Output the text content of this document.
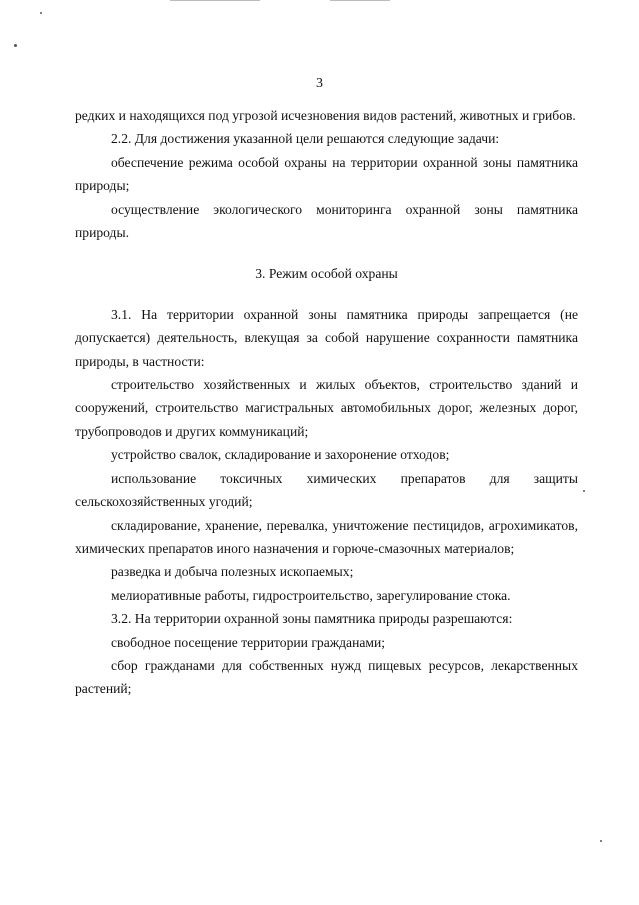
3

редких и находящихся под угрозой исчезновения видов растений, животных и грибов.

2.2. Для достижения указанной цели решаются следующие задачи:

обеспечение режима особой охраны на территории охранной зоны памятника природы;

осуществление экологического мониторинга охранной зоны памятника природы.

3. Режим особой охраны

3.1. На территории охранной зоны памятника природы запрещается (не допускается) деятельность, влекущая за собой нарушение сохранности памятника природы, в частности:

строительство хозяйственных и жилых объектов, строительство зданий и сооружений, строительство магистральных автомобильных дорог, железных дорог, трубопроводов и других коммуникаций;

устройство свалок, складирование и захоронение отходов;

использование токсичных химических препаратов для защиты сельскохозяйственных угодий;

складирование, хранение, перевалка, уничтожение пестицидов, агрохимикатов, химических препаратов иного назначения и горюче-смазочных материалов;

разведка и добыча полезных ископаемых;

мелиоративные работы, гидростроительство, зарегулирование стока.

3.2. На территории охранной зоны памятника природы разрешаются:

свободное посещение территории гражданами;

сбор гражданами для собственных нужд пищевых ресурсов, лекарственных растений;
